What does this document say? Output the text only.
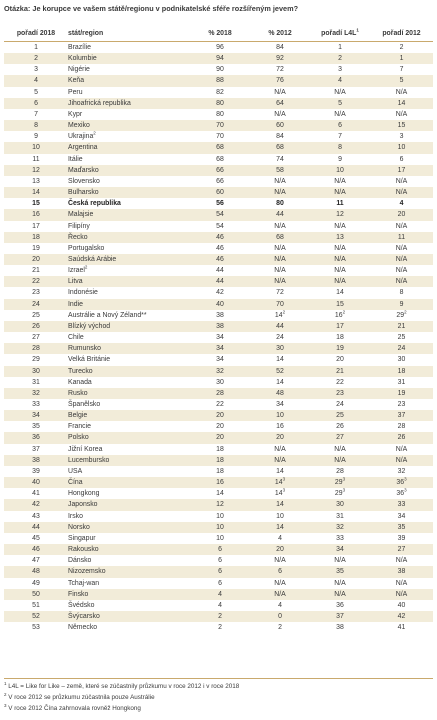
Otázka: Je korupce ve vašem státě/regionu v podnikatelské sféře rozšířeným jevem?
pořadí 2018	stát/region	% 2018	% 2012	pořadí $L4L^1$	pořadí 2012
1	Brazílie	96	84	1	2
2	Kolumbie	94	92	2	1
3	Nigérie	90	72	3	7
4	Keňa	88	76	4	5
5	Peru	82	N/A	N/A	N/A
6	Jihoafrická republika	80	64	5	14
7	Kypr	80	N/A	N/A	N/A
8	Mexiko	70	60	6	15
9	Ukrajina$^2$	70	84	7	3
10	Argentina	68	68	8	10
11	Itálie	68	74	9	6
12	Maďarsko	66	58	10	17
13	Slovensko	66	N/A	N/A	N/A
14	Bulharsko	60	N/A	N/A	N/A
15	Česká republika	56	80	11	4
16	Malajsie	54	44	12	20
17	Filipíny	54	N/A	N/A	N/A
18	Řecko	46	68	13	11
19	Portugalsko	46	N/A	N/A	N/A
20	Saúdská Arábie	46	N/A	N/A	N/A
21	Izrael$^2$	44	N/A	N/A	N/A
22	Litva	44	N/A	N/A	N/A
23	Indonésie	42	72	14	8
24	Indie	40	70	15	9
25	Austrálie a Nový Zéland**	38	$14^2$	$16^2$	$29^2$
26	Blízký východ	38	44	17	21
27	Chile	34	24	18	25
28	Rumunsko	34	30	19	24
29	Velká Británie	34	14	20	30
30	Turecko	32	52	21	18
31	Kanada	30	14	22	31
32	Rusko	28	48	23	19
33	Španělsko	22	34	24	23
34	Belgie	20	10	25	37
35	Francie	20	16	26	28
36	Polsko	20	20	27	26
37	Jižní Korea	18	N/A	N/A	N/A
38	Lucembursko	18	N/A	N/A	N/A
39	USA	18	14	28	32
40	Čína	16	$14^3$	$29^3$	$36^3$
41	Hongkong	14	$14^3$	$29^3$	$36^3$
42	Japonsko	12	14	30	33
43	Irsko	10	10	31	34
44	Norsko	10	14	32	35
45	Singapur	10	4	33	39
46	Rakousko	6	20	34	27
47	Dánsko	6	N/A	N/A	N/A
48	Nizozemsko	6	6	35	38
49	Tchaj-wan	6	N/A	N/A	N/A
50	Finsko	4	N/A	N/A	N/A
51	Švédsko	4	4	36	40
52	Švýcarsko	2	0	37	42
53	Německo	2	2	38	41
$^1$ L4L = Like for Like – země, které se zúčastnily průzkumu v roce 2012 i v roce 2018
$^2$ V roce 2012 se průzkumu zúčastnila pouze Austrálie
$^3$ V roce 2012 Čína zahrnovala rovněž Hongkong
